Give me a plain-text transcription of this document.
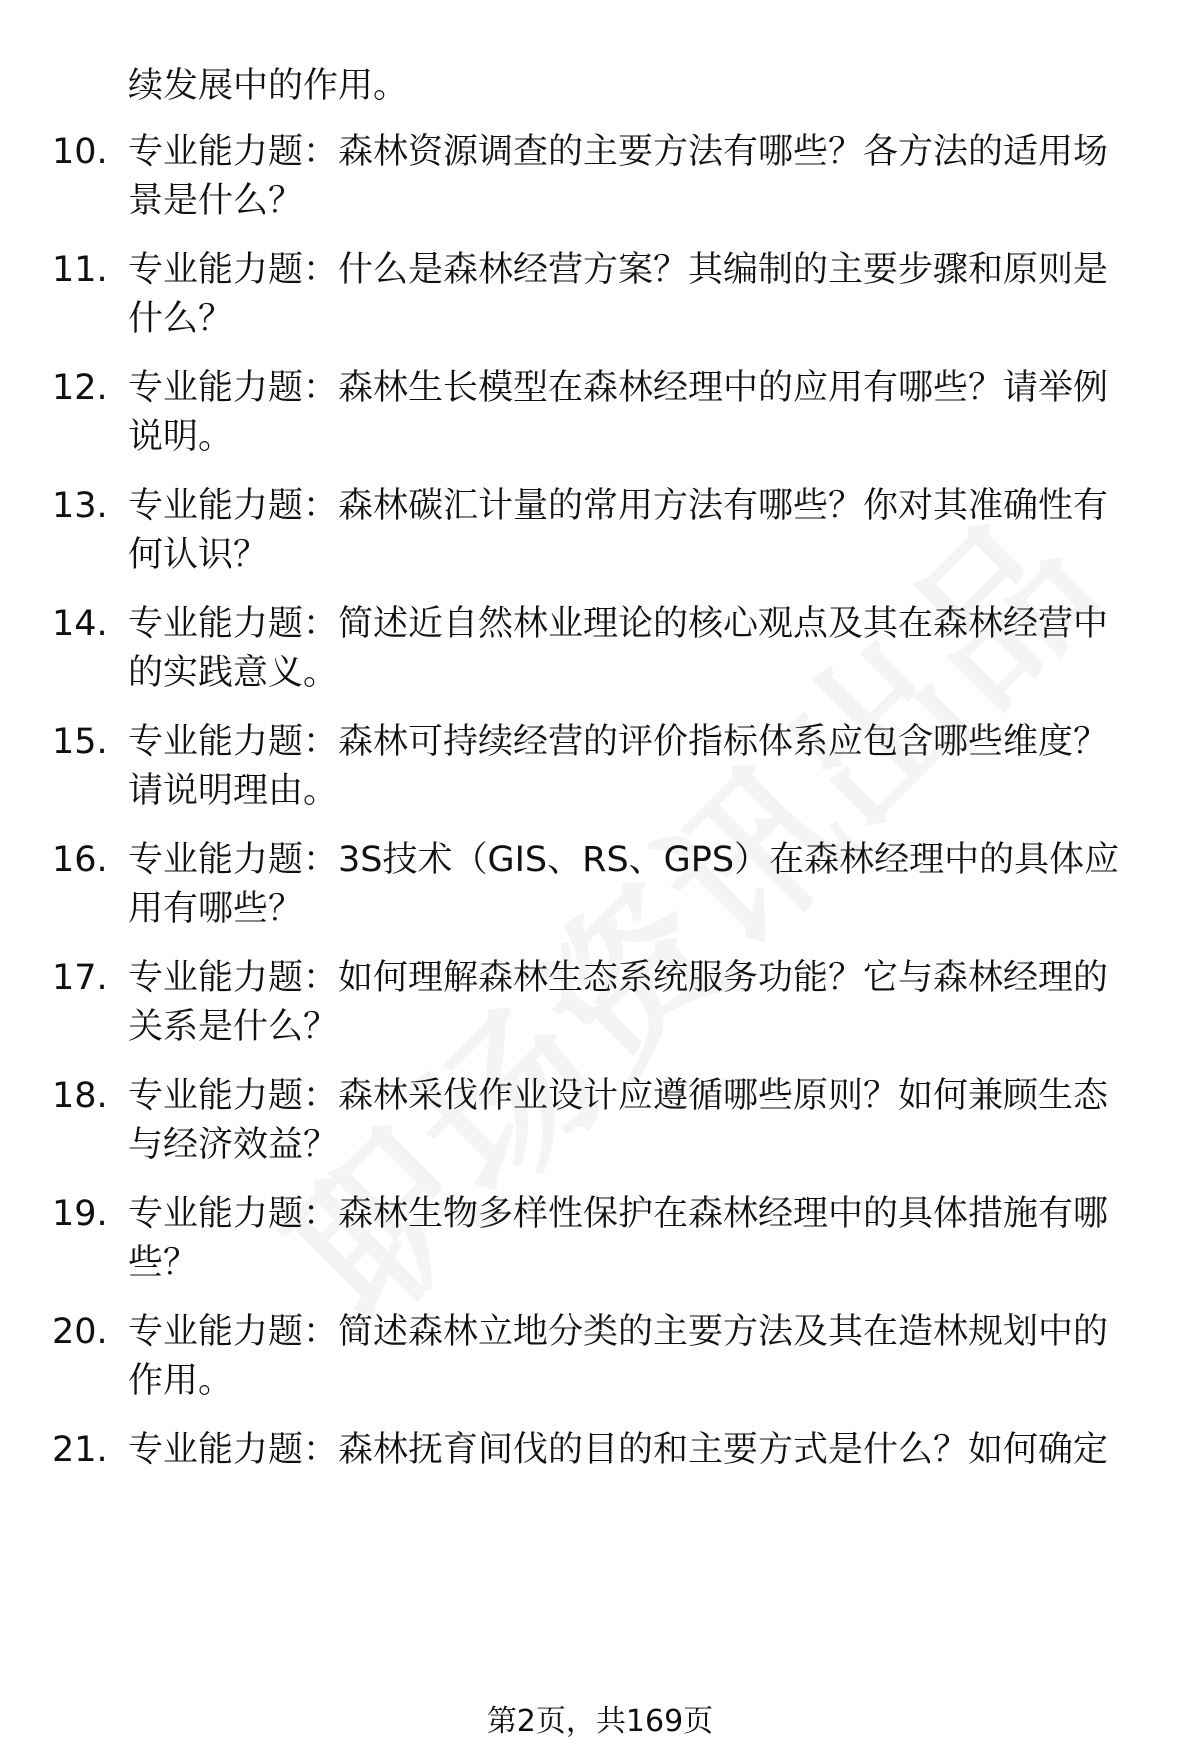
续发展中的作用。
10. 专业能力题：森林资源调查的主要方法有哪些？各方法的适用场
景是什么？
11. 专业能力题：什么是森林经营方案？其编制的主要步骤和原则是
什么？
12. 专业能力题：森林生长模型在森林经理中的应用有哪些？请举例
说明。
13. 专业能力题：森林碳汇计量的常用方法有哪些？你对其准确性有
何认识？
14. 专业能力题：简述近自然林业理论的核心观点及其在森林经营中
的实践意义。
15. 专业能力题：森林可持续经营的评价指标体系应包含哪些维度？
请说明理由。
16. 专业能力题：3S技术（GIS、RS、GPS）在森林经理中的具体应
用有哪些？
17. 专业能力题：如何理解森林生态系统服务功能？它与森林经理的
关系是什么？
18. 专业能力题：森林采伐作业设计应遵循哪些原则？如何兼顾生态
与经济效益？
19. 专业能力题：森林生物多样性保护在森林经理中的具体措施有哪
些？
20. 专业能力题：简述森林立地分类的主要方法及其在造林规划中的
作用。
21. 专业能力题：森林抚育间伐的目的和主要方式是什么？如何确定
第2页，共169页
